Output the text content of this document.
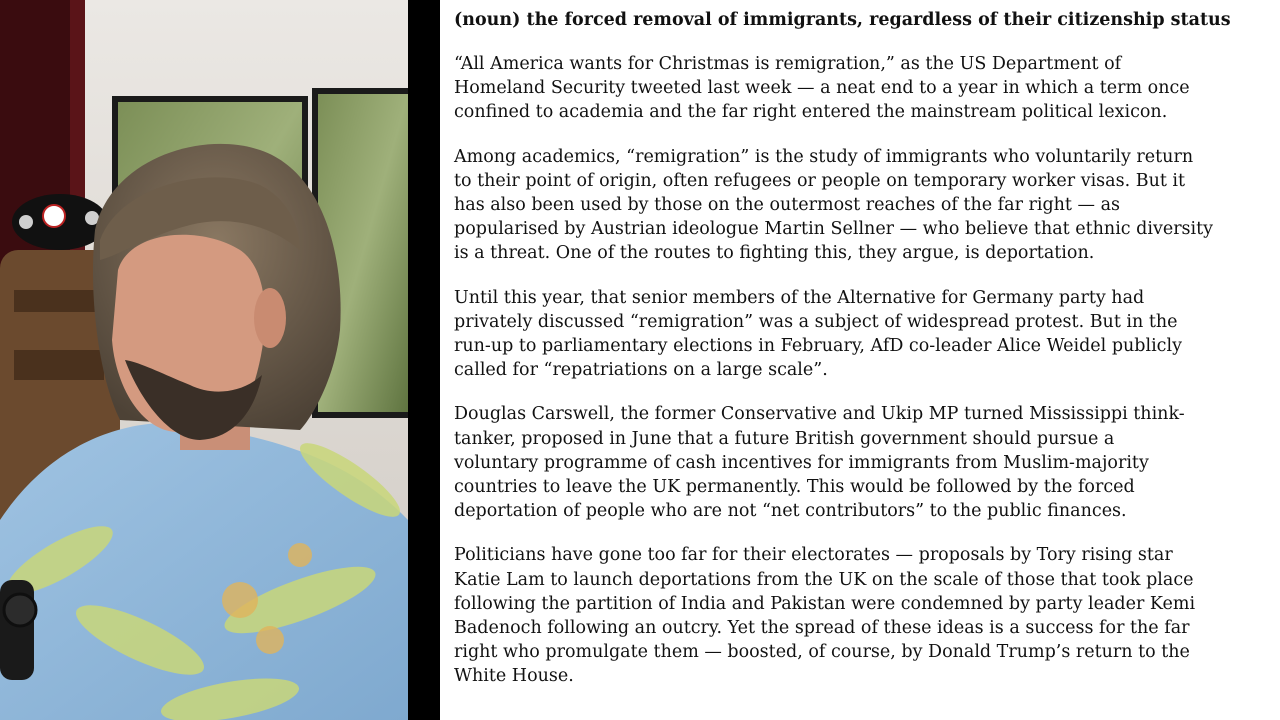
(noun) the forced removal of immigrants, regardless of their citizenship status
“All America wants for Christmas is remigration,” as the US Department of
Homeland Security tweeted last week — a neat end to a year in which a term once
confined to academia and the far right entered the mainstream political lexicon.
Among academics, “remigration” is the study of immigrants who voluntarily return
to their point of origin, often refugees or people on temporary worker visas. But it
has also been used by those on the outermost reaches of the far right — as
popularised by Austrian ideologue Martin Sellner — who believe that ethnic diversity
is a threat. One of the routes to fighting this, they argue, is deportation.
Until this year, that senior members of the Alternative for Germany party had
privately discussed “remigration” was a subject of widespread protest. But in the
run-up to parliamentary elections in February, AfD co-leader Alice Weidel publicly
called for “repatriations on a large scale”.
Douglas Carswell, the former Conservative and Ukip MP turned Mississippi think-
tanker, proposed in June that a future British government should pursue a
voluntary programme of cash incentives for immigrants from Muslim-majority
countries to leave the UK permanently. This would be followed by the forced
deportation of people who are not “net contributors” to the public finances.
Politicians have gone too far for their electorates — proposals by Tory rising star
Katie Lam to launch deportations from the UK on the scale of those that took place
following the partition of India and Pakistan were condemned by party leader Kemi
Badenoch following an outcry. Yet the spread of these ideas is a success for the far
right who promulgate them — boosted, of course, by Donald Trump’s return to the
White House.
